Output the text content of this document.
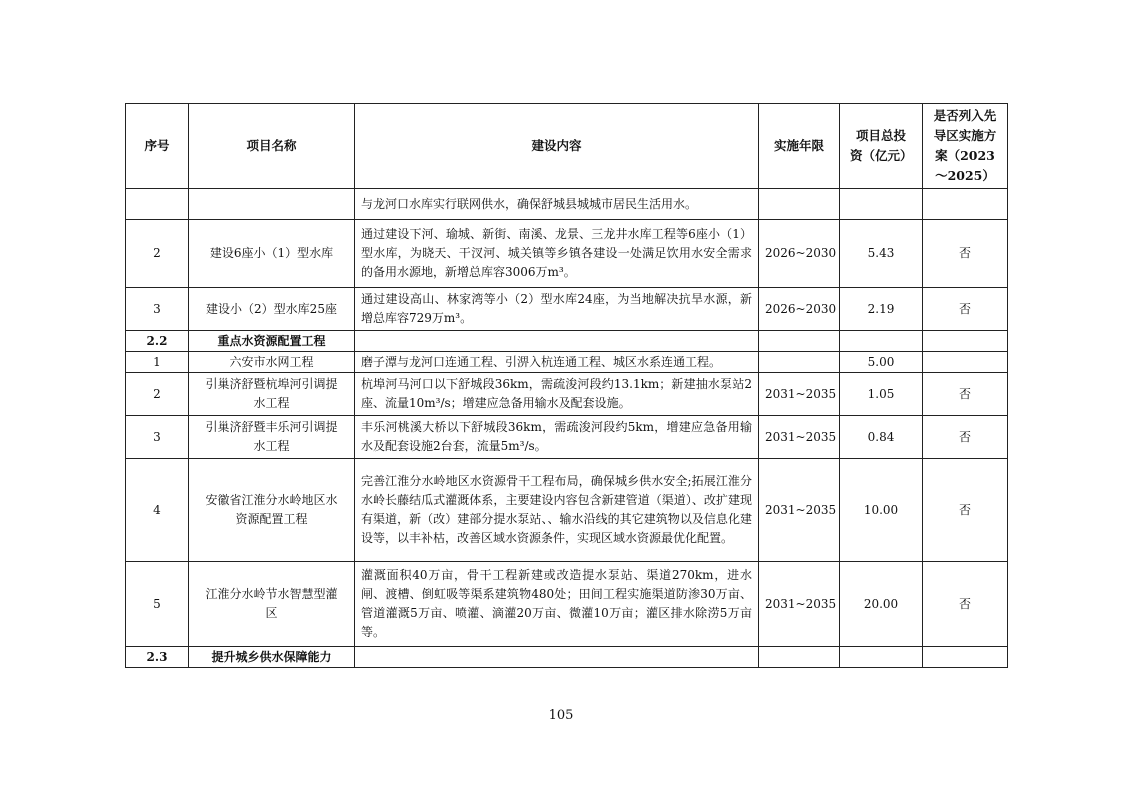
序号	项目名称	建设内容	实施年限	项目总投资（亿元）	是否列入先导区实施方案（2023～2025）
		与龙河口水库实行联网供水，确保舒城县城城市居民生活用水。			
2	建设6座小（1）型水库	通过建设下河、瑜城、新街、南溪、龙景、三龙井水库工程等6座小（1）型水库，为晓天、干汊河、城关镇等乡镇各建设一处满足饮用水安全需求的备用水源地，新增总库容3006万m³。	2026~2030	5.43	否
3	建设小（2）型水库25座	通过建设高山、林家湾等小（2）型水库24座，为当地解决抗旱水源，新增总库容729万m³。	2026~2030	2.19	否
2.2	重点水资源配置工程				
1	六安市水网工程	磨子潭与龙河口连通工程、引淠入杭连通工程、城区水系连通工程。		5.00	
2	引巢济舒暨杭埠河引调提水工程	杭埠河马河口以下舒城段36km，需疏浚河段约13.1km；新建抽水泵站2座、流量10m³/s；增建应急备用输水及配套设施。	2031~2035	1.05	否
3	引巢济舒暨丰乐河引调提水工程	丰乐河桃溪大桥以下舒城段36km，需疏浚河段约5km，增建应急备用输水及配套设施2台套，流量5m³/s。	2031~2035	0.84	否
4	安徽省江淮分水岭地区水资源配置工程	完善江淮分水岭地区水资源骨干工程布局，确保城乡供水安全;拓展江淮分水岭长藤结瓜式灌溉体系，主要建设内容包含新建管道（渠道）、改扩建现有渠道，新（改）建部分提水泵站、、输水沿线的其它建筑物以及信息化建设等，以丰补枯，改善区域水资源条件，实现区域水资源最优化配置。	2031~2035	10.00	否
5	江淮分水岭节水智慧型灌区	灌溉面积40万亩，骨干工程新建或改造提水泵站、渠道270km，进水闸、渡槽、倒虹吸等渠系建筑物480处；田间工程实施渠道防渗30万亩、管道灌溉5万亩、喷灌、滴灌20万亩、微灌10万亩；灌区排水除涝5万亩等。	2031~2035	20.00	否
2.3	提升城乡供水保障能力				
105
